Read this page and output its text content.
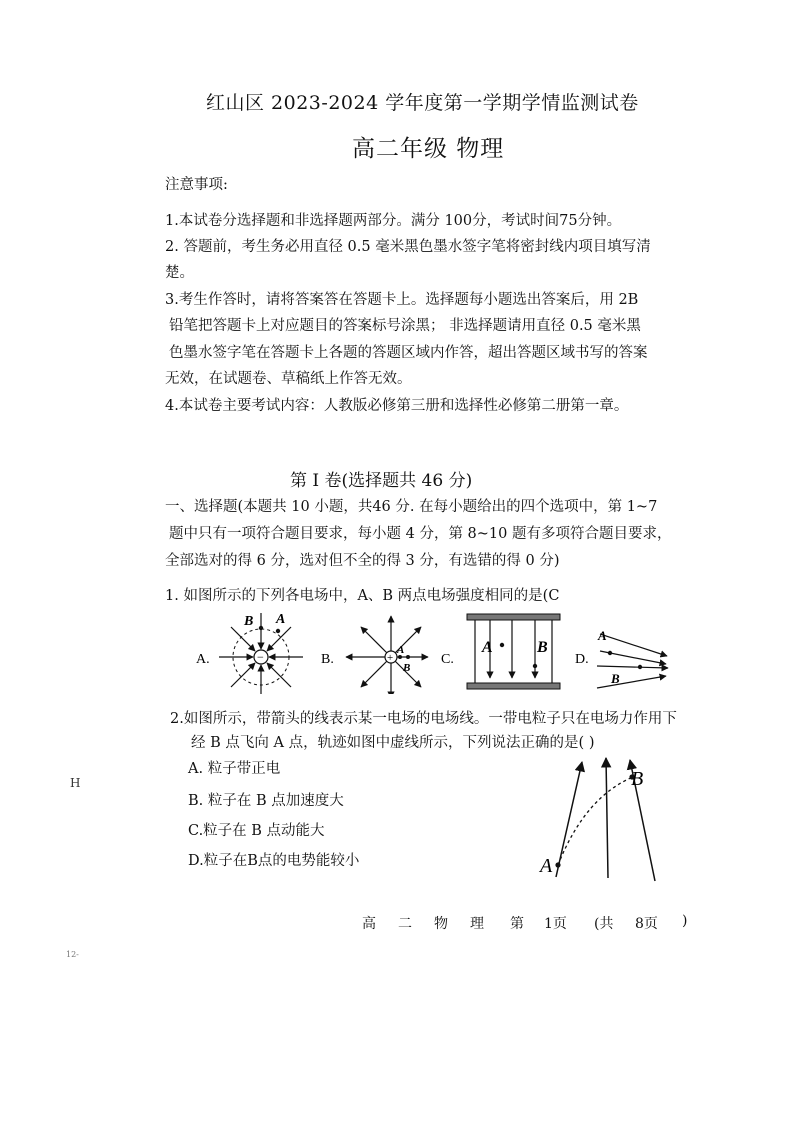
红山区 2023-2024 学年度第一学期学情监测试卷
高二年级 物理
注意事项:
1.本试卷分选择题和非选择题两部分。满分 100分，考试时间75分钟。
2. 答题前，考生务必用直径 0.5 毫米黑色墨水签字笔将密封线内项目填写清
楚。
3.考生作答时，请将答案答在答题卡上。选择题每小题选出答案后，用 2B
铅笔把答题卡上对应题目的答案标号涂黑； 非选择题请用直径 0.5 毫米黑
色墨水签字笔在答题卡上各题的答题区域内作答，超出答题区域书写的答案
无效，在试题卷、草稿纸上作答无效。
4.本试卷主要考试内容：人教版必修第三册和选择性必修第二册第一章。
第 I 卷(选择题共 46 分)
一、选择题(本题共 10 小题，共46 分. 在每小题给出的四个选项中，第 1~7
题中只有一项符合题目要求，每小题 4 分，第 8~10 题有多项符合题目要求，
全部选对的得 6 分，选对但不全的得 3 分，有选错的得 0 分)
1. 如图所示的下列各电场中，A、B 两点电场强度相同的是(C
A.	−
B A
B.	+
A
B
C.
A	B
D.
A
B
2.如图所示，带箭头的线表示某一电场的电场线。一带电粒子只在电场力作用下
经 B 点飞向 A 点，轨迹如图中虚线所示，下列说法正确的是( )
A. 粒子带正电
B. 粒子在 B 点加速度大
C.粒子在 B 点动能大
D.粒子在B点的电势能较小	A
B
H
12-
高 二 物 理 第 1页 (共 8页 )
